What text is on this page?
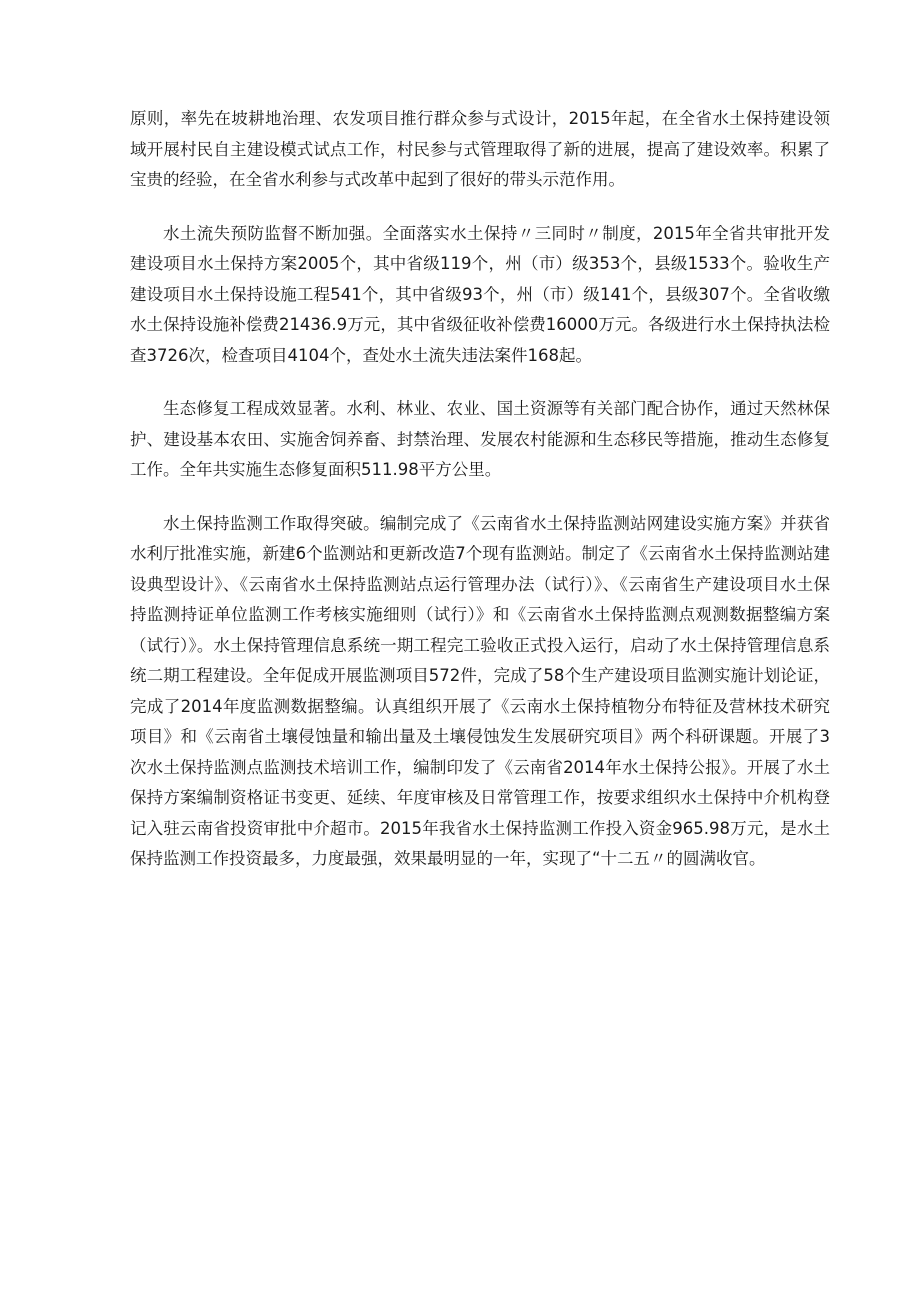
原则，率先在坡耕地治理、农发项目推行群众参与式设计，2015年起，在全省水土保持建设领域开展村民自主建设模式试点工作，村民参与式管理取得了新的进展，提高了建设效率。积累了宝贵的经验，在全省水利参与式改革中起到了很好的带头示范作用。

水土流失预防监督不断加强。全面落实水土保持〃三同时〃制度，2015年全省共审批开发建设项目水土保持方案2005个，其中省级119个，州（市）级353个，县级1533个。验收生产建设项目水土保持设施工程541个，其中省级93个，州（市）级141个，县级307个。全省收缴水土保持设施补偿费21436.9万元，其中省级征收补偿费16000万元。各级进行水土保持执法检查3726次，检查项目4104个，查处水土流失违法案件168起。

生态修复工程成效显著。水利、林业、农业、国土资源等有关部门配合协作，通过天然林保护、建设基本农田、实施舍饲养畜、封禁治理、发展农村能源和生态移民等措施，推动生态修复工作。全年共实施生态修复面积511.98平方公里。

水土保持监测工作取得突破。编制完成了《云南省水土保持监测站网建设实施方案》并获省水利厅批准实施，新建6个监测站和更新改造7个现有监测站。制定了《云南省水土保持监测站建设典型设计》、《云南省水土保持监测站点运行管理办法（试行）》、《云南省生产建设项目水土保持监测持证单位监测工作考核实施细则（试行）》和《云南省水土保持监测点观测数据整编方案（试行）》。水土保持管理信息系统一期工程完工验收正式投入运行，启动了水土保持管理信息系统二期工程建设。全年促成开展监测项目572件，完成了58个生产建设项目监测实施计划论证，完成了2014年度监测数据整编。认真组织开展了《云南水土保持植物分布特征及营林技术研究项目》和《云南省土壤侵蚀量和输出量及土壤侵蚀发生发展研究项目》两个科研课题。开展了3次水土保持监测点监测技术培训工作，编制印发了《云南省2014年水土保持公报》。开展了水土保持方案编制资格证书变更、延续、年度审核及日常管理工作，按要求组织水土保持中介机构登记入驻云南省投资审批中介超市。2015年我省水土保持监测工作投入资金965.98万元，是水土保持监测工作投资最多，力度最强，效果最明显的一年，实现了“十二五〃的圆满收官。
